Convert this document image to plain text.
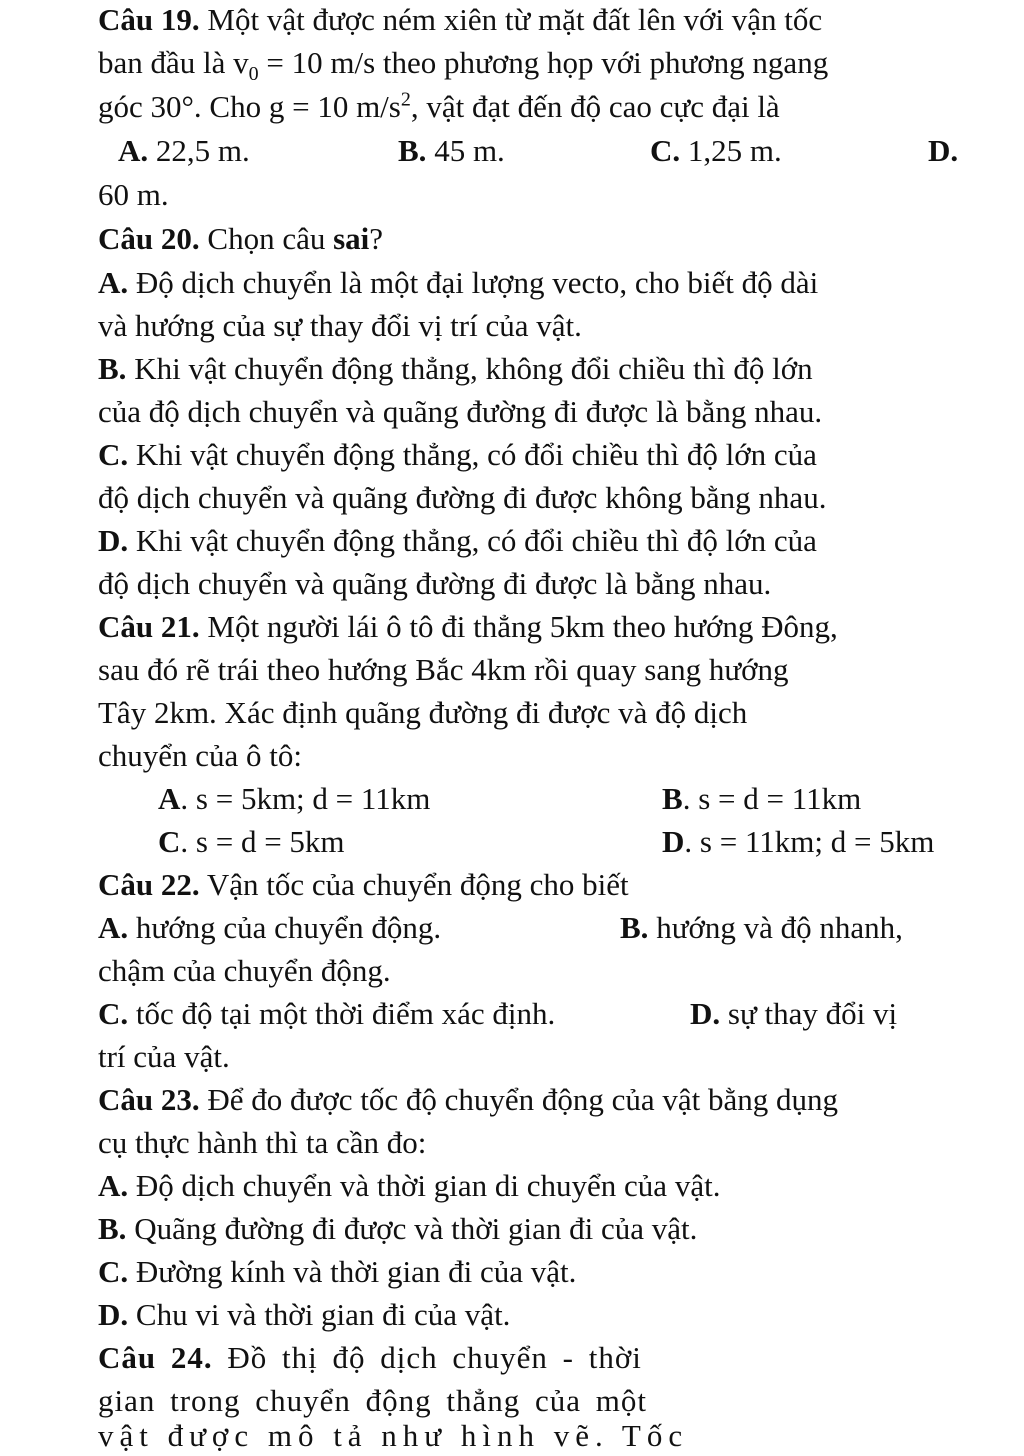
Câu 19. Một vật được ném xiên từ mặt đất lên với vận tốc
ban đầu là $v_0 = 10$ m/s theo phương họp với phương ngang
góc 30°. Cho g = 10 $m/s^2$, vật đạt đến độ cao cực đại là
A. 22,5 m.	B. 45 m.	C. 1,25 m.	D.
60 m.
Câu 20. Chọn câu sai?
A. Độ dịch chuyển là một đại lượng vecto, cho biết độ dài
và hướng của sự thay đổi vị trí của vật.
B. Khi vật chuyển động thẳng, không đổi chiều thì độ lớn
của độ dịch chuyển và quãng đường đi được là bằng nhau.
C. Khi vật chuyển động thẳng, có đổi chiều thì độ lớn của
độ dịch chuyển và quãng đường đi được không bằng nhau.
D. Khi vật chuyển động thẳng, có đổi chiều thì độ lớn của
độ dịch chuyển và quãng đường đi được là bằng nhau.
Câu 21. Một người lái ô tô đi thẳng 5km theo hướng Đông,
sau đó rẽ trái theo hướng Bắc 4km rồi quay sang hướng
Tây 2km. Xác định quãng đường đi được và độ dịch
chuyển của ô tô:
A. s = 5km; d = 11km	B. s = d = 11km
C. s = d = 5km	D. s = 11km; d = 5km
Câu 22. Vận tốc của chuyển động cho biết
A. hướng của chuyển động.	B. hướng và độ nhanh,
chậm của chuyển động.
C. tốc độ tại một thời điểm xác định.	D. sự thay đổi vị
trí của vật.
Câu 23. Để đo được tốc độ chuyển động của vật bằng dụng
cụ thực hành thì ta cần đo:
A. Độ dịch chuyển và thời gian di chuyển của vật.
B. Quãng đường đi được và thời gian đi của vật.
C. Đường kính và thời gian đi của vật.
D. Chu vi và thời gian đi của vật.
Câu 24. Đồ thị độ dịch chuyển - thời
gian trong chuyển động thẳng của một
vật được mô tả như hình vẽ. Tốc
